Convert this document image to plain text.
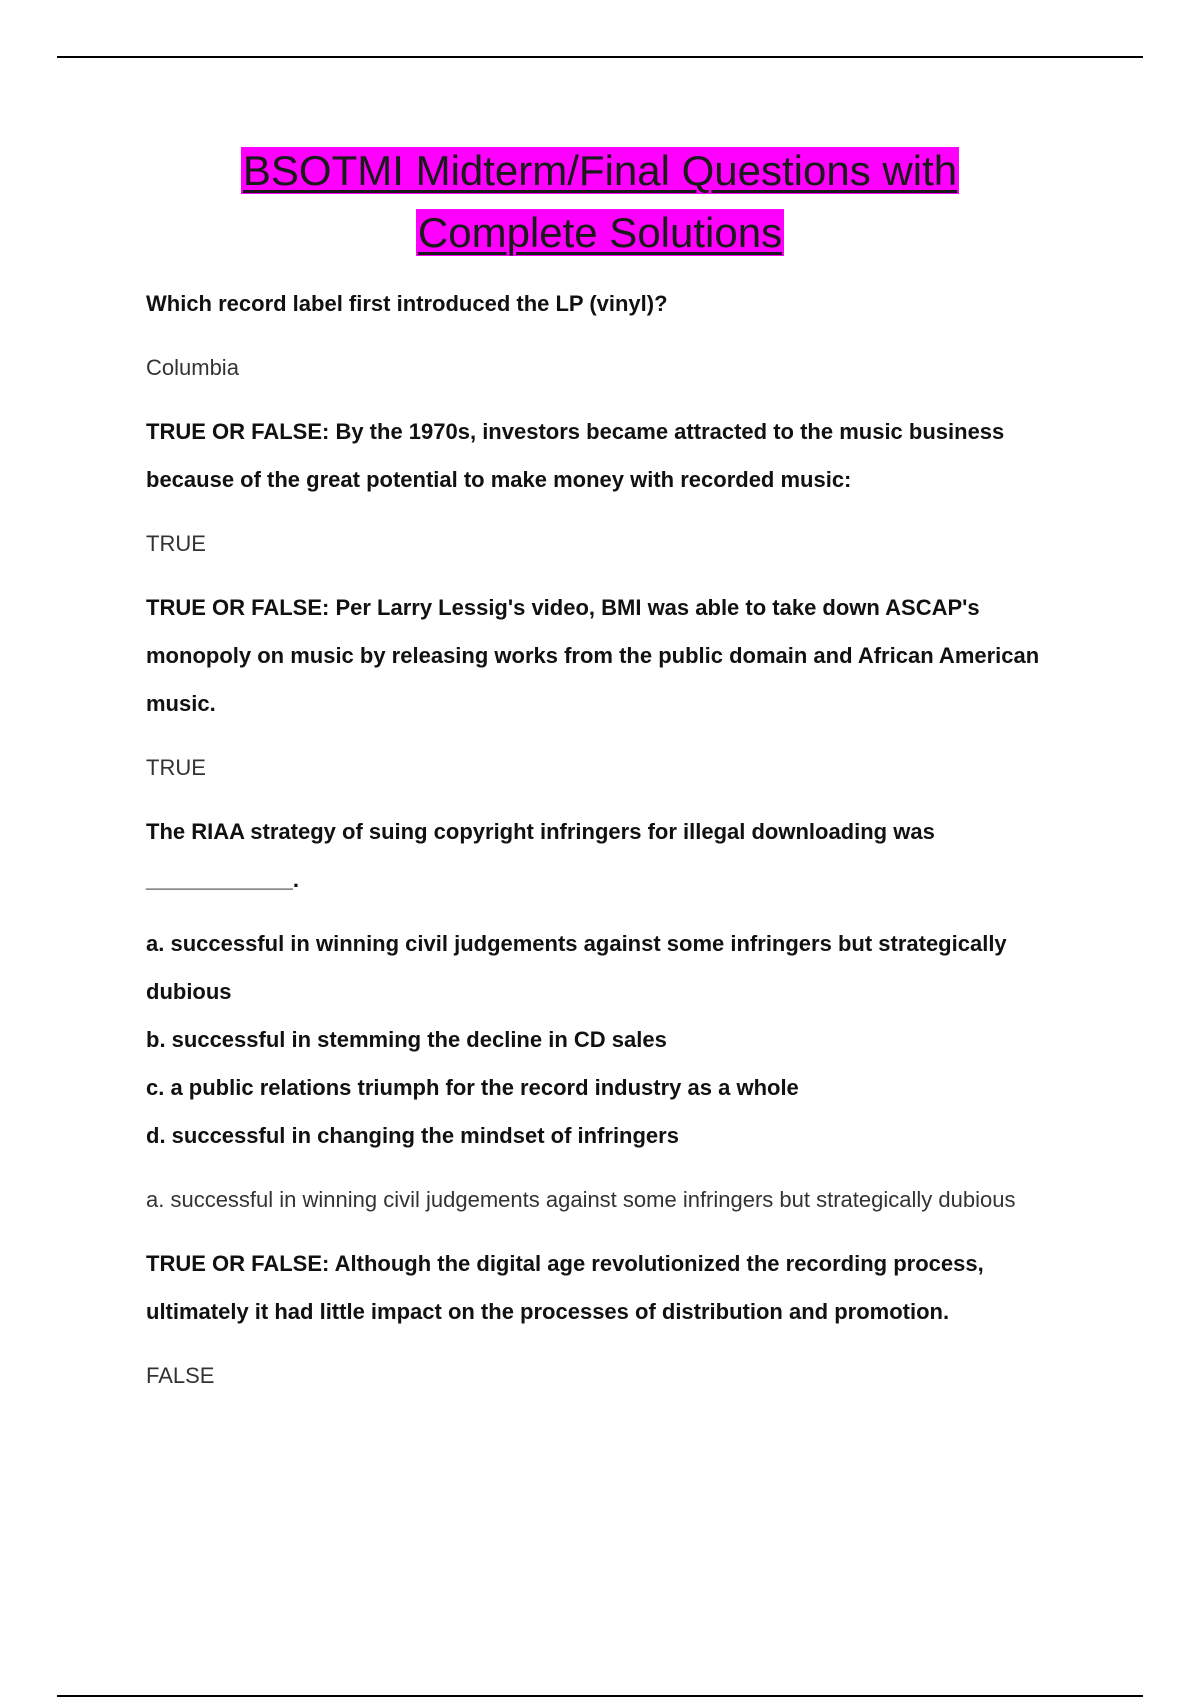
BSOTMI Midterm/Final Questions with
Complete Solutions

Which record label first introduced the LP (vinyl)?

Columbia

TRUE OR FALSE: By the 1970s, investors became attracted to the music business because of the great potential to make money with recorded music:

TRUE

TRUE OR FALSE: Per Larry Lessig's video, BMI was able to take down ASCAP's monopoly on music by releasing works from the public domain and African American music.

TRUE

The RIAA strategy of suing copyright infringers for illegal downloading was ____________.

a. successful in winning civil judgements against some infringers but strategically dubious

b. successful in stemming the decline in CD sales

c. a public relations triumph for the record industry as a whole

d. successful in changing the mindset of infringers

a. successful in winning civil judgements against some infringers but strategically dubious

TRUE OR FALSE: Although the digital age revolutionized the recording process, ultimately it had little impact on the processes of distribution and promotion.

FALSE
